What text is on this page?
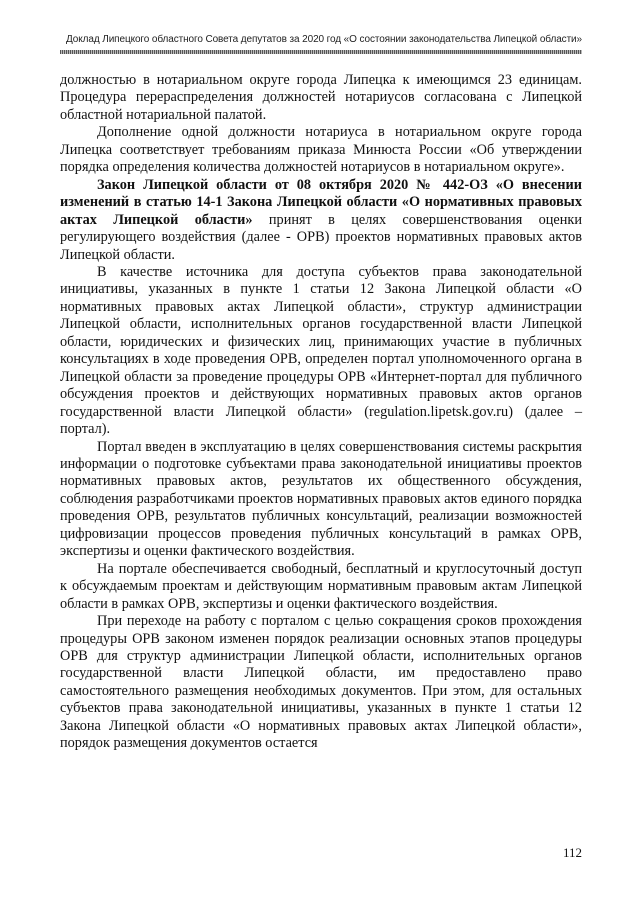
Доклад Липецкого областного Совета депутатов за 2020 год «О состоянии законодательства Липецкой области»

должностью в нотариальном округе города Липецка к имеющимся 23 единицам. Процедура перераспределения должностей нотариусов согласована с Липецкой областной нотариальной палатой.

Дополнение одной должности нотариуса в нотариальном округе города Липецка соответствует требованиям приказа Минюста России «Об утверждении порядка определения количества должностей нотариусов в нотариальном округе».

Закон Липецкой области от 08 октября 2020 № 442-ОЗ «О внесении изменений в статью 14-1 Закона Липецкой области «О нормативных правовых актах Липецкой области» принят в целях совершенствования оценки регулирующего воздействия (далее - ОРВ) проектов нормативных правовых актов Липецкой области.

В качестве источника для доступа субъектов права законодательной инициативы, указанных в пункте 1 статьи 12 Закона Липецкой области «О нормативных правовых актах Липецкой области», структур администрации Липецкой области, исполнительных органов государственной власти Липецкой области, юридических и физических лиц, принимающих участие в публичных консультациях в ходе проведения ОРВ, определен портал уполномоченного органа в Липецкой области за проведение процедуры ОРВ «Интернет-портал для публичного обсуждения проектов и действующих нормативных правовых актов органов государственной власти Липецкой области» (regulation.lipetsk.gov.ru) (далее – портал).

Портал введен в эксплуатацию в целях совершенствования системы раскрытия информации о подготовке субъектами права законодательной инициативы проектов нормативных правовых актов, результатов их общественного обсуждения, соблюдения разработчиками проектов нормативных правовых актов единого порядка проведения ОРВ, результатов публичных консультаций, реализации возможностей цифровизации процессов проведения публичных консультаций в рамках ОРВ, экспертизы и оценки фактического воздействия.

На портале обеспечивается свободный, бесплатный и круглосуточный доступ к обсуждаемым проектам и действующим нормативным правовым актам Липецкой области в рамках ОРВ, экспертизы и оценки фактического воздействия.

При переходе на работу с порталом с целью сокращения сроков прохождения процедуры ОРВ законом изменен порядок реализации основных этапов процедуры ОРВ для структур администрации Липецкой области, исполнительных органов государственной власти Липецкой области, им предоставлено право самостоятельного размещения необходимых документов. При этом, для остальных субъектов права законодательной инициативы, указанных в пункте 1 статьи 12 Закона Липецкой области «О нормативных правовых актах Липецкой области», порядок размещения документов остается

112
